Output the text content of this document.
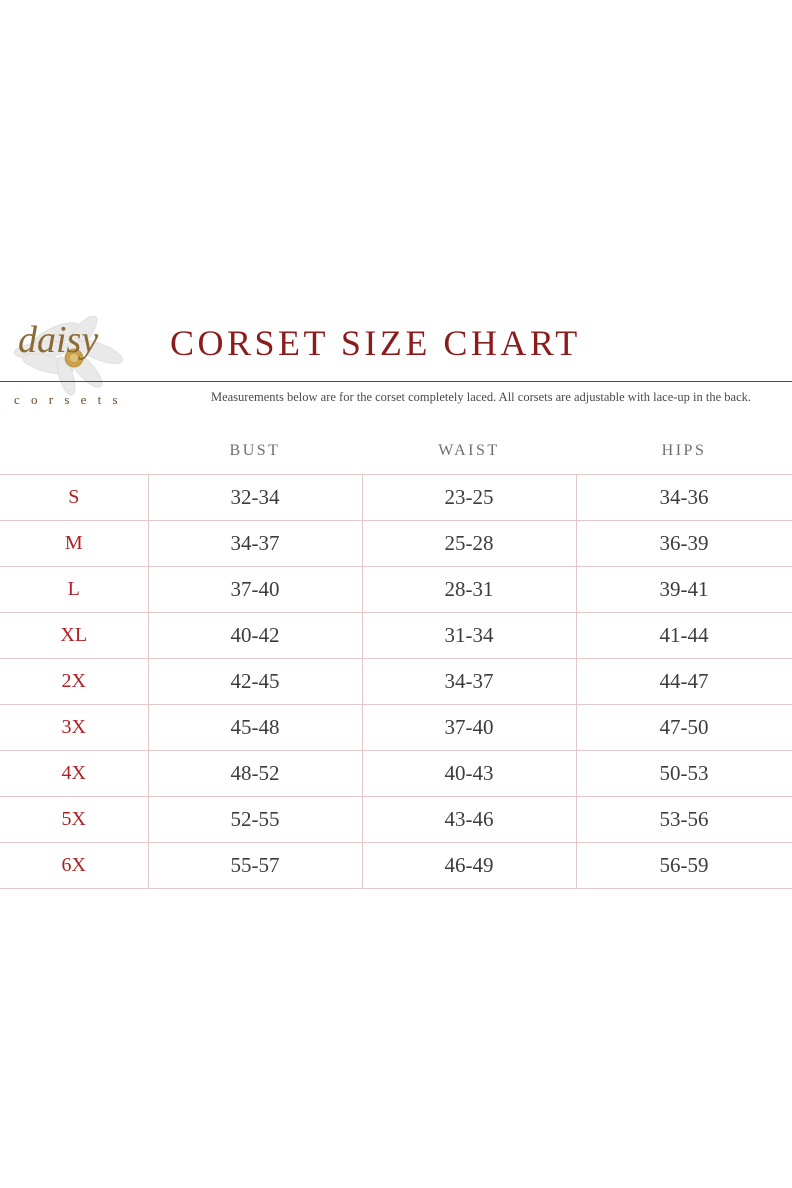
daisy
c o r s e t s
CORSET SIZE CHART
Measurements below are for the corset completely laced. All corsets are adjustable with lace-up in the back.
	BUST	WAIST	HIPS
S	32-34	23-25	34-36
M	34-37	25-28	36-39
L	37-40	28-31	39-41
XL	40-42	31-34	41-44
2X	42-45	34-37	44-47
3X	45-48	37-40	47-50
4X	48-52	40-43	50-53
5X	52-55	43-46	53-56
6X	55-57	46-49	56-59
